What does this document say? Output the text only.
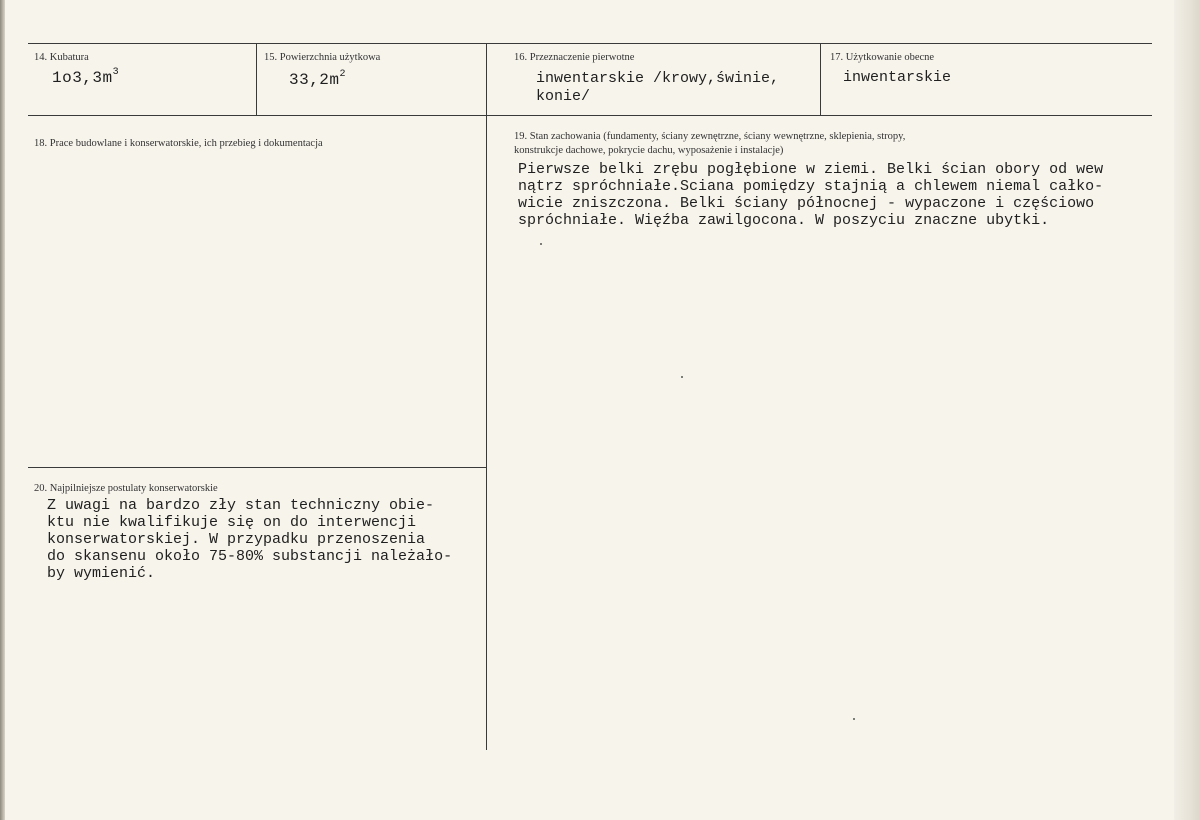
14. Kubatura
$1o3,3m^3$
15. Powierzchnia użytkowa
$33,2m^2$
16. Przeznaczenie pierwotne
inwentarskie /krowy,świnie,
konie/
17. Użytkowanie obecne
inwentarskie
18. Prace budowlane i konserwatorskie, ich przebieg i dokumentacja
19. Stan zachowania (fundamenty, ściany zewnętrzne, ściany wewnętrzne, sklepienia, stropy,
konstrukcje dachowe, pokrycie dachu, wyposażenie i instalacje)
Pierwsze belki zrębu pogłębione w ziemi. Belki ścian obory od wew
nątrz spróchniałe.Sciana pomiędzy stajnią a chlewem niemal całko-
wicie zniszczona. Belki ściany północnej - wypaczone i częściowo
spróchniałe. Więźba zawilgocona. W poszyciu znaczne ubytki.
20. Najpilniejsze postulaty konserwatorskie
Z uwagi na bardzo zły stan techniczny obie-
ktu nie kwalifikuje się on do interwencji
konserwatorskiej. W przypadku przenoszenia
do skansenu około 75-80% substancji należało-
by wymienić.
